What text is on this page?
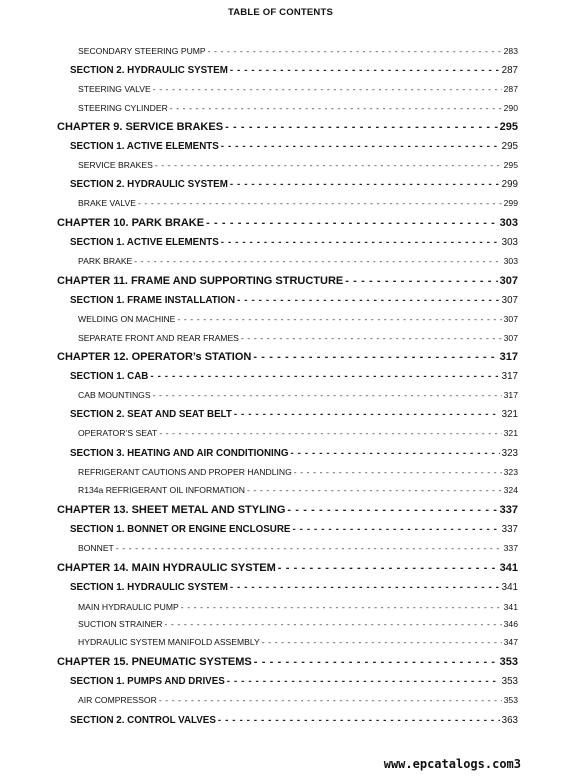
TABLE OF CONTENTS
SECONDARY STEERING PUMP - - -	283
SECTION 2. HYDRAULIC SYSTEM - - -	287
STEERING VALVE - - -	287
STEERING CYLINDER - - -	290
CHAPTER 9. SERVICE BRAKES - - -	295
SECTION 1. ACTIVE ELEMENTS - - -	295
SERVICE BRAKES - - -	295
SECTION 2. HYDRAULIC SYSTEM - - -	299
BRAKE VALVE - - -	299
CHAPTER 10. PARK BRAKE - - -	303
SECTION 1. ACTIVE ELEMENTS - - -	303
PARK BRAKE - - -	303
CHAPTER 11. FRAME AND SUPPORTING STRUCTURE - - -	307
SECTION 1. FRAME INSTALLATION - - -	307
WELDING ON MACHINE - - -	307
SEPARATE FRONT AND REAR FRAMES - - -	307
CHAPTER 12. OPERATOR’s STATION - - -	317
SECTION 1. CAB - - -	317
CAB MOUNTINGS - - -	317
SECTION 2. SEAT AND SEAT BELT - - -	321
OPERATOR’S SEAT - - -	321
SECTION 3. HEATING AND AIR CONDITIONING - - -	323
REFRIGERANT CAUTIONS AND PROPER HANDLING - - -	323
R134a REFRIGERANT OIL INFORMATION - - -	324
CHAPTER 13. SHEET METAL AND STYLING - - -	337
SECTION 1. BONNET OR ENGINE ENCLOSURE - - -	337
BONNET - - -	337
CHAPTER 14. MAIN HYDRAULIC SYSTEM - - -	341
SECTION 1. HYDRAULIC SYSTEM - - -	341
MAIN HYDRAULIC PUMP - - -	341
SUCTION STRAINER - - -	346
HYDRAULIC SYSTEM MANIFOLD ASSEMBLY - - -	347
CHAPTER 15. PNEUMATIC SYSTEMS - - -	353
SECTION 1. PUMPS AND DRIVES - - -	353
AIR COMPRESSOR - - -	353
SECTION 2. CONTROL VALVES - - -	363
www.epcatalogs.com3
